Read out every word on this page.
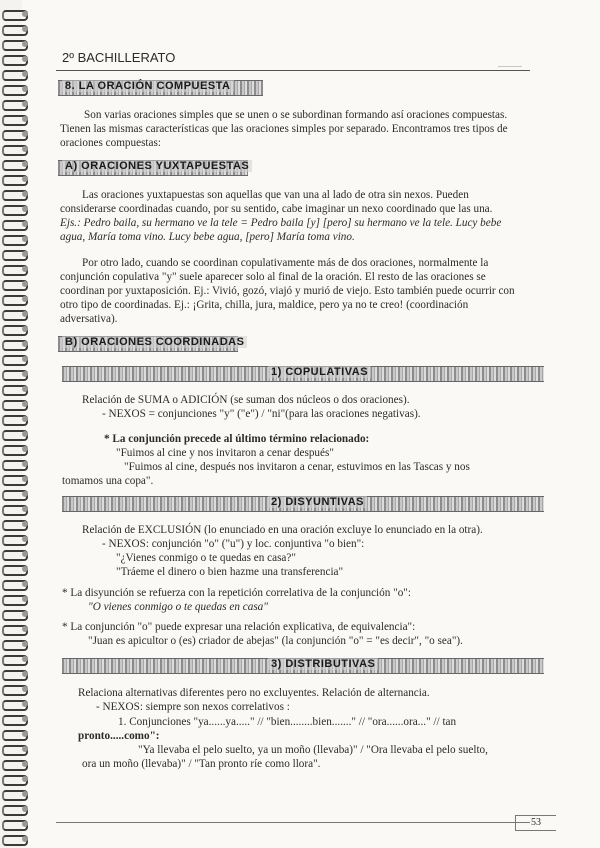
2º BACHILLERATO	............
8. LA ORACIÓN COMPUESTA
Son varias oraciones simples que se unen o se subordinan formando así oraciones compuestas.
Tienen las mismas características que las oraciones simples por separado. Encontramos tres tipos de
oraciones compuestas:
A) ORACIONES YUXTAPUESTAS
Las oraciones yuxtapuestas son aquellas que van una al lado de otra sin nexos. Pueden
considerarse coordinadas cuando, por su sentido, cabe imaginar un nexo coordinado que las una.
Ejs.: Pedro baila, su hermano ve la tele = Pedro baila [y] [pero] su hermano ve la tele. Lucy bebe
agua, María toma vino. Lucy bebe agua, [pero] María toma vino.
Por otro lado, cuando se coordinan copulativamente más de dos oraciones, normalmente la
conjunción copulativa "y" suele aparecer solo al final de la oración. El resto de las oraciones se
coordinan por yuxtaposición. Ej.: Vivió, gozó, viajó y murió de viejo. Esto también puede ocurrir con
otro tipo de coordinadas. Ej.: ¡Grita, chilla, jura, maldice, pero ya no te creo! (coordinación
adversativa).
B) ORACIONES COORDINADAS
1) COPULATIVAS
Relación de SUMA o ADICIÓN (se suman dos núcleos o dos oraciones).
- NEXOS = conjunciones "y" ("e") / "ni"(para las oraciones negativas).
* La conjunción precede al último término relacionado:
"Fuimos al cine y nos invitaron a cenar después"
"Fuimos al cine, después nos invitaron a cenar, estuvimos en las Tascas y nos
tomamos una copa".
2) DISYUNTIVAS
Relación de EXCLUSIÓN (lo enunciado en una oración excluye lo enunciado en la otra).
- NEXOS: conjunción "o" ("u") y loc. conjuntiva "o bien":
"¿Vienes conmigo o te quedas en casa?"
"Tráeme el dinero o bien hazme una transferencia"
* La disyunción se refuerza con la repetición correlativa de la conjunción "o":
"O vienes conmigo o te quedas en casa"
* La conjunción "o" puede expresar una relación explicativa, de equivalencia":
"Juan es apicultor o (es) criador de abejas" (la conjunción "o" = "es decir", "o sea").
3) DISTRIBUTIVAS
Relaciona alternativas diferentes pero no excluyentes. Relación de alternancia.
- NEXOS: siempre son nexos correlativos :
1. Conjunciones "ya......ya....." // "bien........bien......." // "ora......ora..." // tan
pronto.....como":
"Ya llevaba el pelo suelto, ya un moño (llevaba)" / "Ora llevaba el pelo suelto,
ora un moño (llevaba)" / "Tan pronto ríe como llora".
53
